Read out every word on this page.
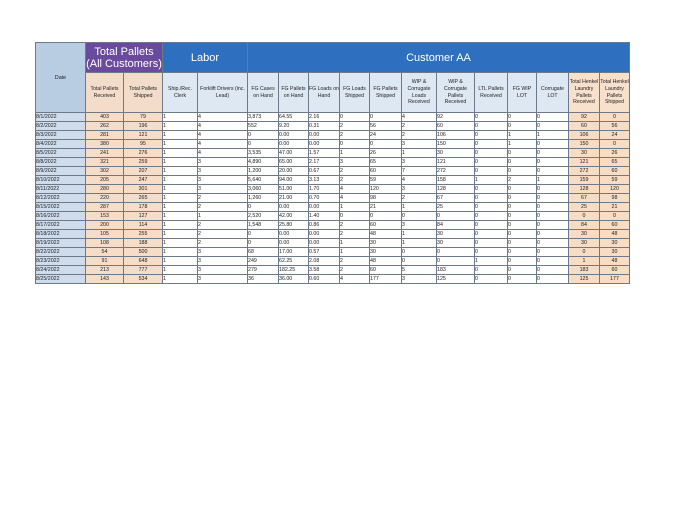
Date	Total Pallets
(All Customers)		Labor		Customer AA											
	Total Pallets Received	Total Pallets Shipped	Ship./Rec. Clerk	Forklift Drivers (inc. Lead)	FG Cases on Hand	FG Pallets on Hand	FG Loads on Hand	FG Loads Shipped	FG Pallets Shipped	WIP & Corrugate Loads Received	WIP & Corrugate Pallets Received	LTL Pallets Received	FG WIP LOT	Corrugate LOT	Total Henkel Laundry Pallets Received	Total Henkel Laundry Pallets Shipped
8/1/2022	403	79	1	4	3,873	64.55	2.16	0	0	4	92	0	0	0	92	0
8/2/2022	262	196	1	4	552	9.20	0.31	2	56	2	60	0	0	0	60	56
8/3/2022	281	121	1	4	0	0.00	0.00	2	24	2	106	0	1	1	106	24
8/4/2022	380	95	1	4	0	0.00	0.00	0	0	3	150	0	1	0	150	0
8/5/2022	241	276	1	4	3,535	47.00	1.57	1	26	1	30	0	0	0	30	26
8/8/2022	321	259	1	3	4,890	65.00	2.17	3	65	3	121	0	0	0	121	65
8/9/2022	302	207	1	3	1,200	20.00	0.67	2	60	7	272	0	0	0	272	60
8/10/2022	205	247	1	3	5,640	94.00	3.13	2	59	4	158	1	2	1	159	59
8/11/2022	280	301	1	3	3,060	51.00	1.70	4	120	3	128	0	0	0	128	120
8/12/2022	220	265	1	2	1,260	21.00	0.70	4	98	2	67	0	0	0	67	98
8/15/2022	287	178	1	2	0	0.00	0.00	1	21	1	25	0	0	0	25	21
8/16/2022	153	127	1	1	2,520	42.00	1.40	0	0	0	0	0	0	0	0	0
8/17/2022	200	114	1	2	1,548	25.80	0.86	2	60	3	84	0	0	0	84	60
8/18/2022	105	255	1	2	0	0.00	0.00	2	48	1	30	0	0	0	30	48
8/19/2022	108	188	1	2	0	0.00	0.00	1	30	1	30	0	0	0	30	30
8/22/2022	54	500	1	3	68	17.00	0.57	1	30	0	0	0	0	0	0	30
8/23/2022	91	648	1	3	249	62.25	2.08	2	48	0	0	1	0	0	1	48
8/24/2022	213	777	1	3	279	182.25	3.58	2	60	5	183	0	0	0	183	60
8/25/2022	143	534	1	3	36	36.00	0.60	4	177	3	125	0	0	0	125	177
